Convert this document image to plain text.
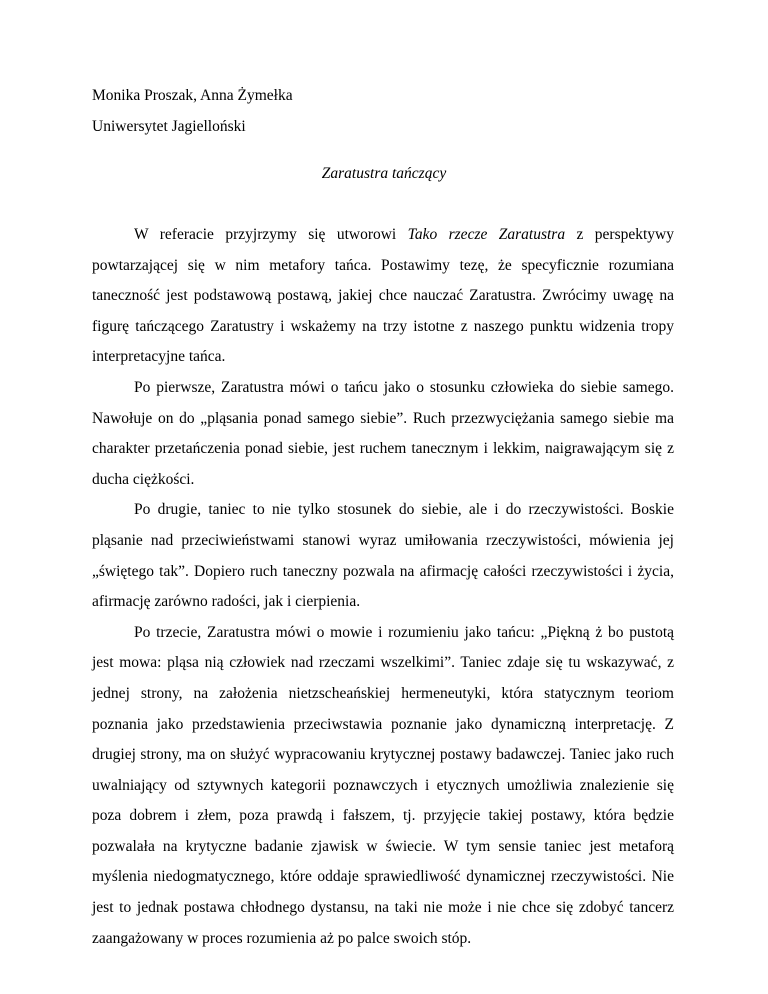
Monika Proszak, Anna Żymełka
Uniwersytet Jagielloński
Zaratustra tańczący

W referacie przyjrzymy się utworowi Tako rzecze Zaratustra z perspektywy powtarzającej się w nim metafory tańca. Postawimy tezę, że specyficznie rozumiana taneczność jest podstawową postawą, jakiej chce nauczać Zaratustra. Zwrócimy uwagę na figurę tańczącego Zaratustry i wskażemy na trzy istotne z naszego punktu widzenia tropy interpretacyjne tańca.

Po pierwsze, Zaratustra mówi o tańcu jako o stosunku człowieka do siebie samego. Nawołuje on do „pląsania ponad samego siebie”. Ruch przezwyciężania samego siebie ma charakter przetańczenia ponad siebie, jest ruchem tanecznym i lekkim, naigrawającym się z ducha ciężkości.

Po drugie, taniec to nie tylko stosunek do siebie, ale i do rzeczywistości. Boskie pląsanie nad przeciwieństwami stanowi wyraz umiłowania rzeczywistości, mówienia jej „świętego tak”. Dopiero ruch taneczny pozwala na afirmację całości rzeczywistości i życia, afirmację zarówno radości, jak i cierpienia.

Po trzecie, Zaratustra mówi o mowie i rozumieniu jako tańcu: „Piękną ż bo pustotą jest mowa: pląsa nią człowiek nad rzeczami wszelkimi”. Taniec zdaje się tu wskazywać, z jednej strony, na założenia nietzscheańskiej hermeneutyki, która statycznym teoriom poznania jako przedstawienia przeciwstawia poznanie jako dynamiczną interpretację. Z drugiej strony, ma on służyć wypracowaniu krytycznej postawy badawczej. Taniec jako ruch uwalniający od sztywnych kategorii poznawczych i etycznych umożliwia znalezienie się poza dobrem i złem, poza prawdą i fałszem, tj. przyjęcie takiej postawy, która będzie pozwalała na krytyczne badanie zjawisk w świecie. W tym sensie taniec jest metaforą myślenia niedogmatycznego, które oddaje sprawiedliwość dynamicznej rzeczywistości. Nie jest to jednak postawa chłodnego dystansu, na taki nie może i nie chce się zdobyć tancerz zaangażowany w proces rozumienia aż po palce swoich stóp.
